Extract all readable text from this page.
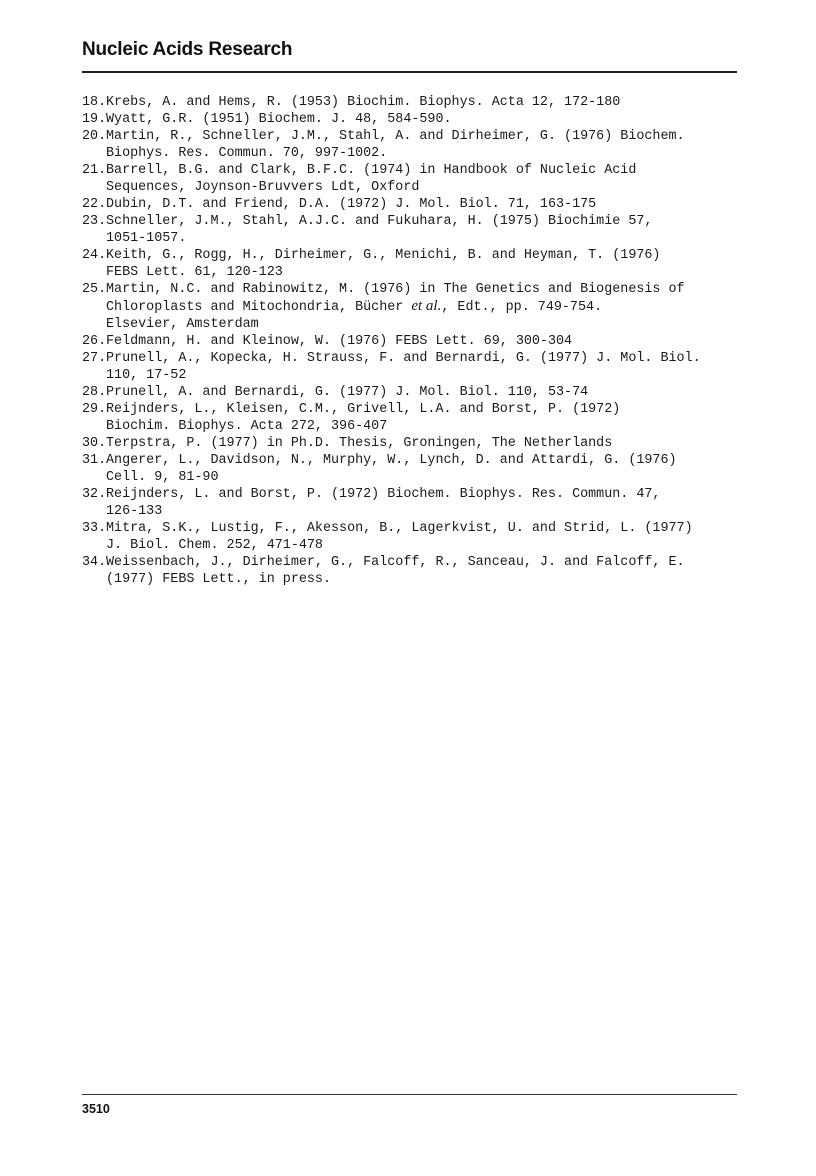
Nucleic Acids Research
18. Krebs, A. and Hems, R. (1953) Biochim. Biophys. Acta 12, 172-180
19. Wyatt, G.R. (1951) Biochem. J. 48, 584-590.
20. Martin, R., Schneller, J.M., Stahl, A. and Dirheimer, G. (1976) Biochem.
Biophys. Res. Commun. 70, 997-1002.
21. Barrell, B.G. and Clark, B.F.C. (1974) in Handbook of Nucleic Acid
Sequences, Joynson-Bruvvers Ldt, Oxford
22. Dubin, D.T. and Friend, D.A. (1972) J. Mol. Biol. 71, 163-175
23. Schneller, J.M., Stahl, A.J.C. and Fukuhara, H. (1975) Biochimie 57,
1051-1057.
24. Keith, G., Rogg, H., Dirheimer, G., Menichi, B. and Heyman, T. (1976)
FEBS Lett. 61, 120-123
25. Martin, N.C. and Rabinowitz, M. (1976) in The Genetics and Biogenesis of
Chloroplasts and Mitochondria, Bücher et al., Edt., pp. 749-754.
Elsevier, Amsterdam
26. Feldmann, H. and Kleinow, W. (1976) FEBS Lett. 69, 300-304
27. Prunell, A., Kopecka, H. Strauss, F. and Bernardi, G. (1977) J. Mol. Biol.
110, 17-52
28. Prunell, A. and Bernardi, G. (1977) J. Mol. Biol. 110, 53-74
29. Reijnders, L., Kleisen, C.M., Grivell, L.A. and Borst, P. (1972)
Biochim. Biophys. Acta 272, 396-407
30. Terpstra, P. (1977) in Ph.D. Thesis, Groningen, The Netherlands
31. Angerer, L., Davidson, N., Murphy, W., Lynch, D. and Attardi, G. (1976)
Cell. 9, 81-90
32. Reijnders, L. and Borst, P. (1972) Biochem. Biophys. Res. Commun. 47,
126-133
33. Mitra, S.K., Lustig, F., Akesson, B., Lagerkvist, U. and Strid, L. (1977)
J. Biol. Chem. 252, 471-478
34. Weissenbach, J., Dirheimer, G., Falcoff, R., Sanceau, J. and Falcoff, E.
(1977) FEBS Lett., in press.
3510
